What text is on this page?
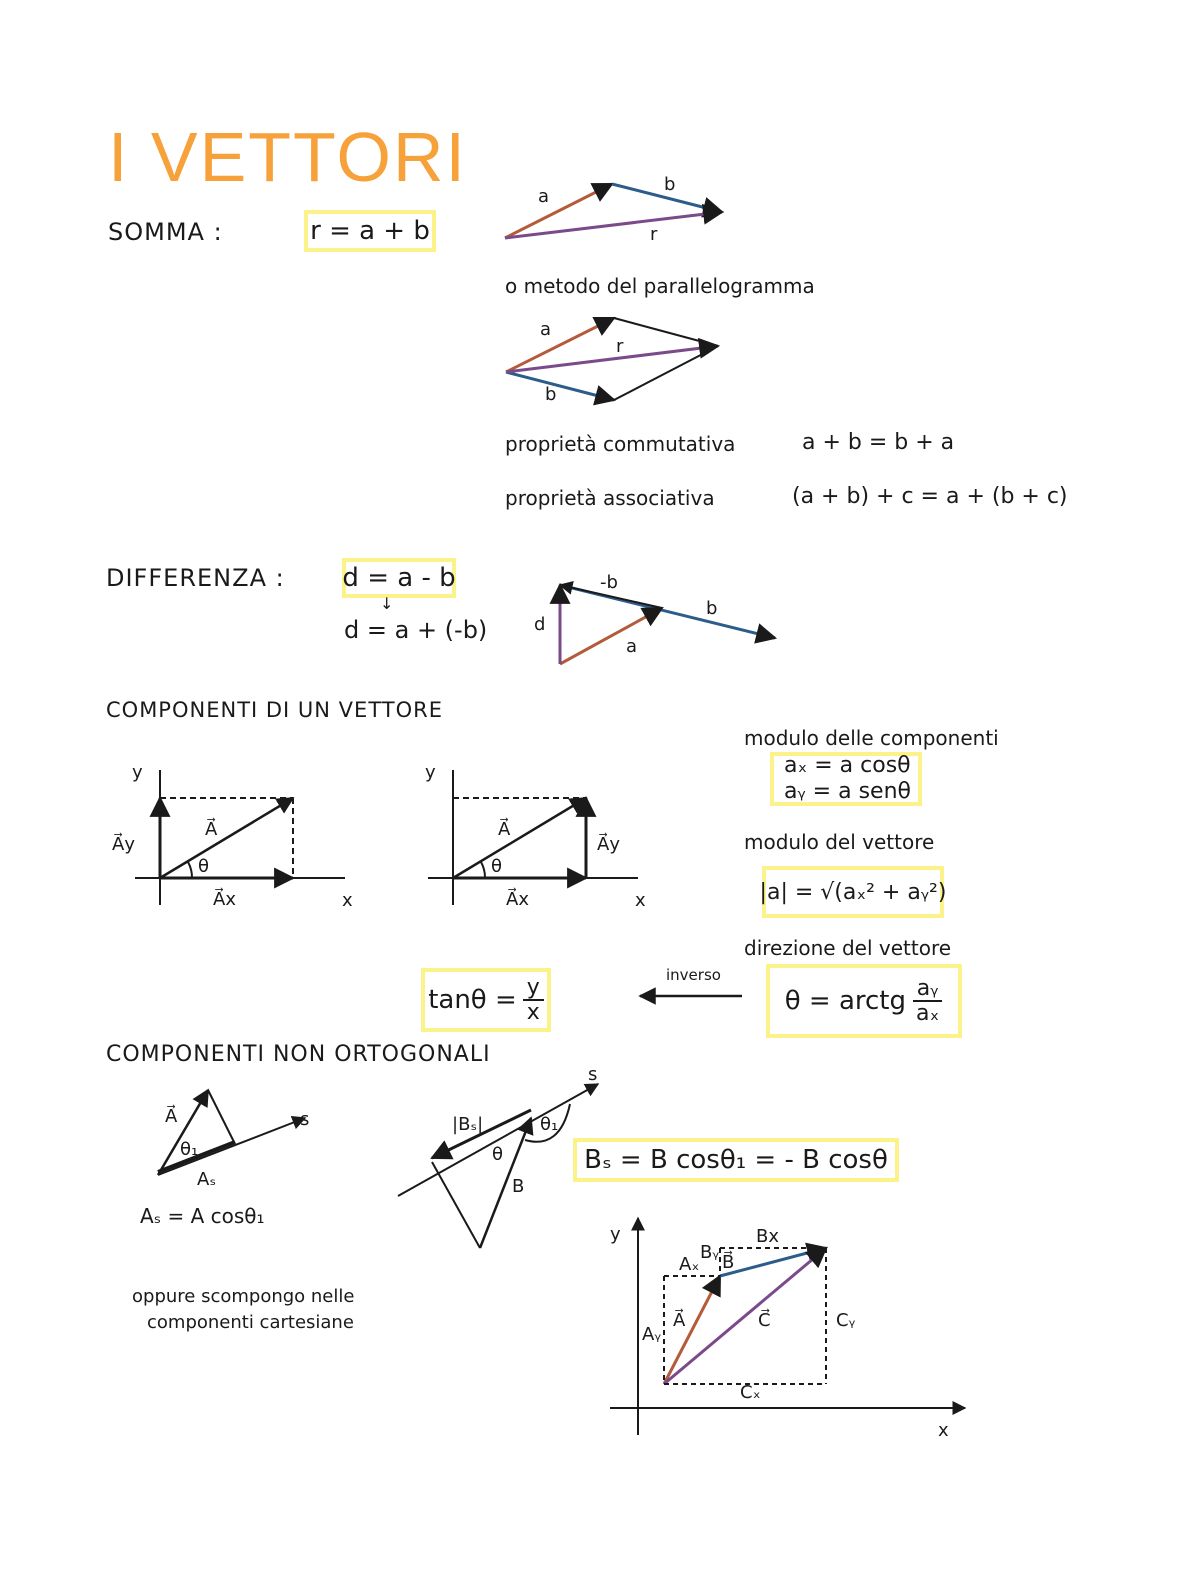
I VETTORI
SOMMA :	r = a + b
a
b
r
a
r
b
-b
b
a
d
y
x
A⃗
A⃗y
A⃗x
θ
y
x
A⃗
A⃗y
A⃗x
θ
A⃗
θ₁
Aₛ
s	|Bₛ|
θ
θ₁
B
s
y
x
Bx
Bᵧ B⃗
Aₓ
Aᵧ
A⃗	C⃗	Cᵧ
Cₓ
o metodo del parallelogramma
proprietà commutativa	a + b = b + a
proprietà associativa	(a + b) + c = a + (b + c)
DIFFERENZA : d = a - b
↓
d = a + (-b)
COMPONENTI DI UN VETTORE
modulo delle componenti
aₓ = a cosθ
aᵧ = a senθ
modulo del vettore
|a| = √(aₓ² + aᵧ²)
direzione del vettore
θ = arctg $\frac{\text{aᵧ}}{\text{aₓ}}$
inverso
$\tan\theta = \frac{y}{x}$
COMPONENTI NON ORTOGONALI
Aₛ = A cosθ₁
Bₛ = B cosθ₁ = - B cosθ
oppure scompongo nelle
componenti cartesiane
